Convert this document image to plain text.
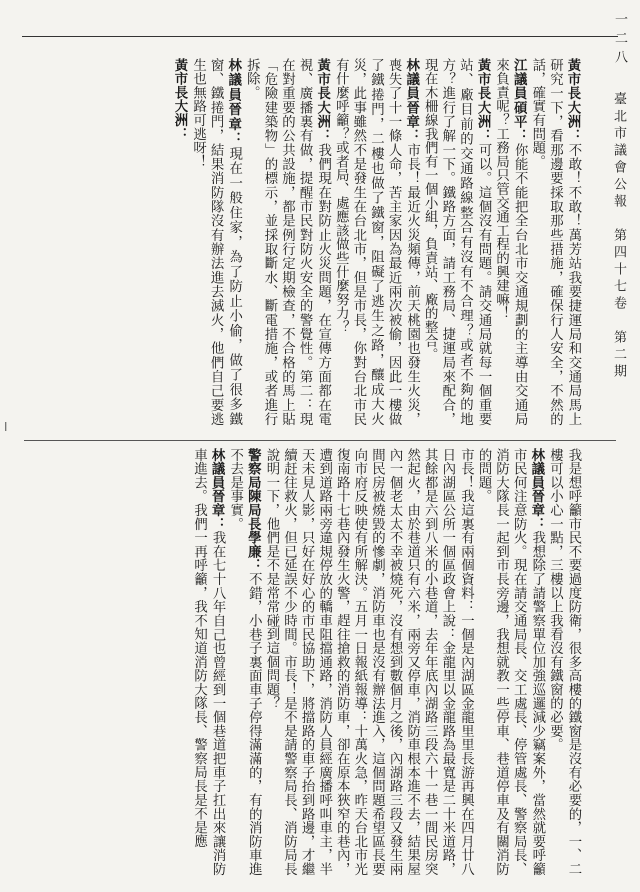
一二八
臺北市議會公報　第四十七卷　第二期
黃市長大洲：不敢！不敢！萬芳站我要捷運局和交通局馬上研究一下，看那邊要採取那些措施，確保行人安全，不然的話，確實有問題。
江議員碩平：你能不能把全台北市交通規劃的主導由交通局來負責呢？工務局只管交通工程的興建嘛！
黃市長大洲：可以。這個沒有問題。請交通局就每一個重要站、廠目前的交通路線整合有沒有不合理？或者不夠的地方？進行了解一下。鐵路方面，請工務局、捷運局來配合，現在木柵線我們有一個小組，負責站、廠的整合。
林議員晉章：市長！最近火災頻傳，前天桃園也發生火災，喪失了十一條人命，苦主家因為最近兩次被偷，因此一樓做了鐵捲門，二樓也做了鐵窗，阻礙了逃生之路，釀成大火災，此事雖然不是發生在台北市，但是市長，你對台北市民有什麼呼籲？或者局、處應該做些什麼努力？
黃市長大洲：我們現在對防止火災問題，在宣傳方面都在電視、廣播裏有做，提醒市民對防火安全的警覺性。第二：現在對重要的公共設施，都是例行定期檢查，不合格的馬上貼「危險建築物」的標示，並採取斷水、斷電措施，或者進行拆除。
林議員晉章：現在一般住家，為了防止小偷，做了很多鐵窗、鐵捲門，結果消防隊沒有辦法進去滅火，他們自己要逃生也無路可逃呀！
黃市長大洲：
我是想呼籲市民不要過度防衛，很多高樓的鐵窗是沒有必要的，一、二樓可以小心一點，三樓以上我看沒有鐵窗的必要。
林議員晉章：我想除了請警察單位加強巡邏減少竊案外，當然就要呼籲市民何注意防火。現在請交通局長、交工處長、停管處長、警察局長、消防大隊長一起到市長旁邊，我想就教一些停車、巷道停車及有關消防的問題。
市長！我這裏有兩個資料：一個是內湖區金龍里里長游再興在四月廿八日內湖區公所一個區政會上說：金龍里以金龍路為最寬是二十米道路，其餘都是六到八米的小巷道，去年年底內湖路三段六十一巷一間民房突然起火，由於巷道只有六米，兩旁又停車，消防車根本進不去，結果屋內一個老太太不幸被燒死，沒有想到數個月之後，內湖路三段又發生兩間民房被燒毀的慘劇，消防車也是沒有辦法進入，這個問題希望區長要向市府反映使有所解決。五月一日報紙報導：十萬火急，昨天台北市光復南路十七巷內發生火警，趕往搶救的消防車，卻在原本狹窄的巷內，遭到道路兩旁違規停放的轎車阻擋通路，消防人員經廣播呼叫車主，半天未見人影，只好在好心的市民協助下，將擋路的車子抬到路邊，才繼續赶往救火，但已延誤不少時間。市長！是不是請警察局長、消防局長說明一下，他們是不是常常碰到這個問題？
警察局陳局長學廉：不錯，小巷子裏面車子停得滿滿的，有的消防車進不去是事實。
林議員晉章：我在七十八年自己也曾經到一個巷道把車子扛出來讓消防車進去。我們一再呼籲，我不知道消防大隊長、警察局長是不是應
ǀ
